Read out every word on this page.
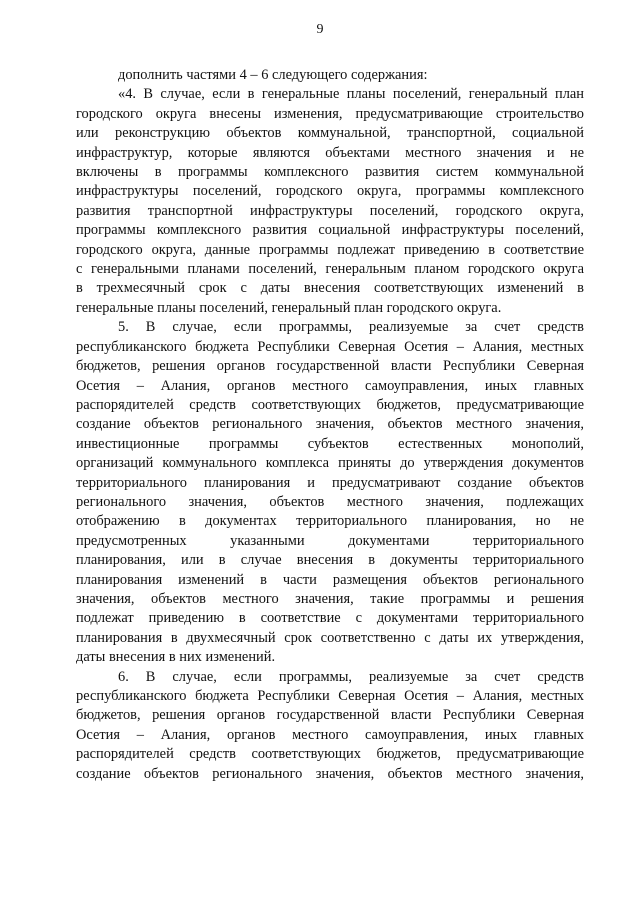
9
дополнить частями 4 – 6 следующего содержания:
«4. В случае, если в генеральные планы поселений, генеральный план
городского округа внесены изменения, предусматривающие строительство
или реконструкцию объектов коммунальной, транспортной, социальной
инфраструктур, которые являются объектами местного значения и не
включены в программы комплексного развития систем коммунальной
инфраструктуры поселений, городского округа, программы комплексного
развития транспортной инфраструктуры поселений, городского округа,
программы комплексного развития социальной инфраструктуры поселений,
городского округа, данные программы подлежат приведению в соответствие
с генеральными планами поселений, генеральным планом городского округа
в трехмесячный срок с даты внесения соответствующих изменений в
генеральные планы поселений, генеральный план городского округа.
5. В случае, если программы, реализуемые за счет средств
республиканского бюджета Республики Северная Осетия – Алания, местных
бюджетов, решения органов государственной власти Республики Северная
Осетия – Алания, органов местного самоуправления, иных главных
распорядителей средств соответствующих бюджетов, предусматривающие
создание объектов регионального значения, объектов местного значения,
инвестиционные программы субъектов естественных монополий,
организаций коммунального комплекса приняты до утверждения документов
территориального планирования и предусматривают создание объектов
регионального значения, объектов местного значения, подлежащих
отображению в документах территориального планирования, но не
предусмотренных указанными документами территориального
планирования, или в случае внесения в документы территориального
планирования изменений в части размещения объектов регионального
значения, объектов местного значения, такие программы и решения
подлежат приведению в соответствие с документами территориального
планирования в двухмесячный срок соответственно с даты их утверждения,
даты внесения в них изменений.
6. В случае, если программы, реализуемые за счет средств
республиканского бюджета Республики Северная Осетия – Алания, местных
бюджетов, решения органов государственной власти Республики Северная
Осетия – Алания, органов местного самоуправления, иных главных
распорядителей средств соответствующих бюджетов, предусматривающие
создание объектов регионального значения, объектов местного значения,
